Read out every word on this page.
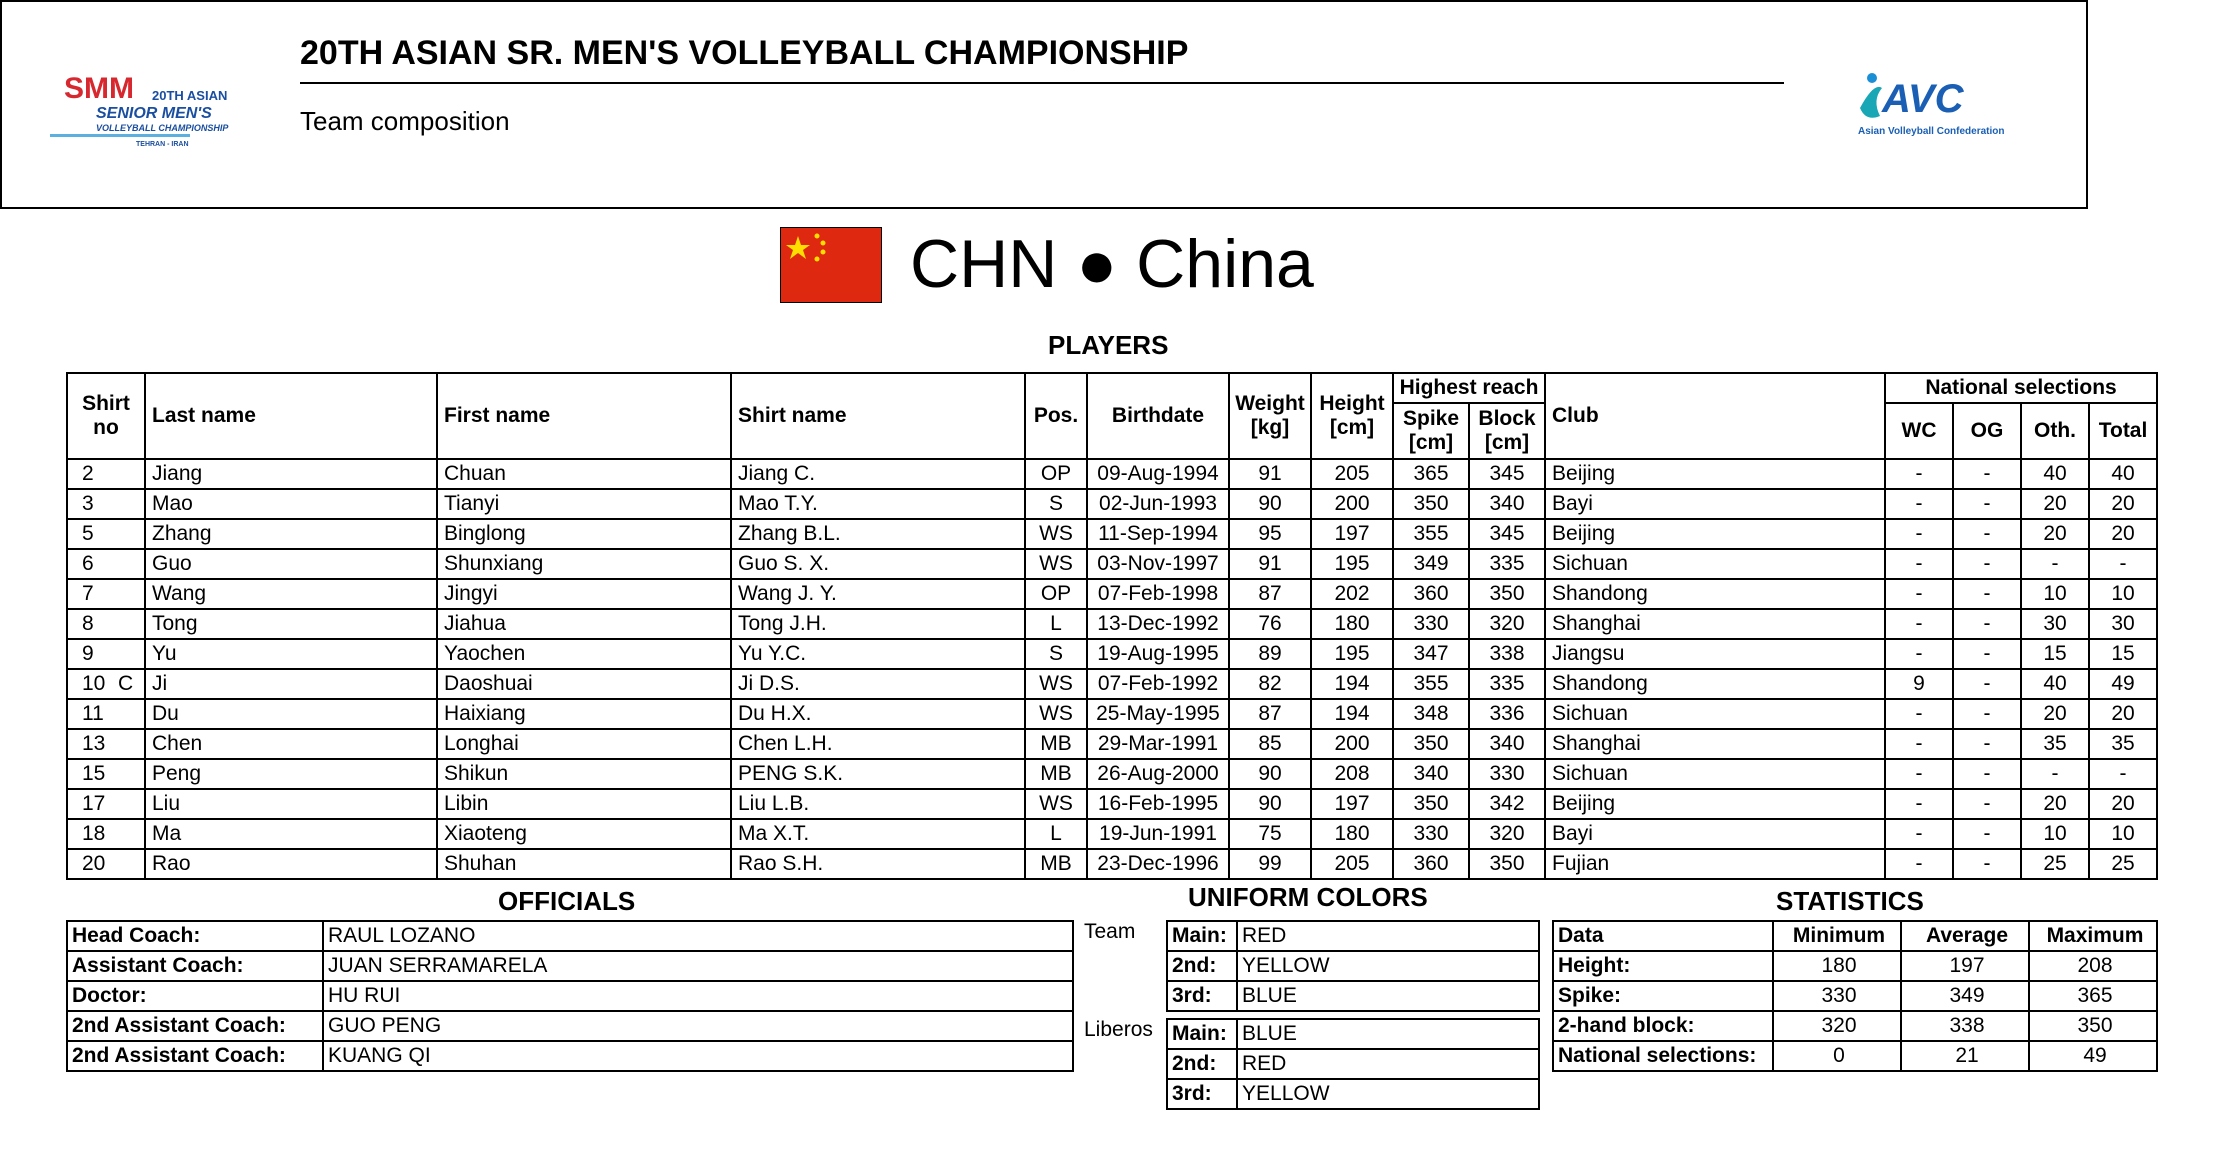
SMM 20TH ASIAN
SENIOR MEN'S
VOLLEYBALL CHAMPIONSHIP
TEHRAN - IRAN
20TH ASIAN SR. MEN'S VOLLEYBALL CHAMPIONSHIP
Team composition	AVC
Asian Volleyball Confederation
CHN ● China
PLAYERS
Shirt no	Last name	First name	Shirt name	Pos.	Birthdate	Weight [kg]	Height [cm]	Highest reach		Club	National selections			
								Spike [cm]	Block [cm]		WC	OG	Oth.	Total
2	Jiang	Chuan	Jiang C.	OP	09-Aug-1994	91	205	365	345	Beijing	-	-	40	40
3	Mao	Tianyi	Mao T.Y.	S	02-Jun-1993	90	200	350	340	Bayi	-	-	20	20
5	Zhang	Binglong	Zhang B.L.	WS	11-Sep-1994	95	197	355	345	Beijing	-	-	20	20
6	Guo	Shunxiang	Guo S. X.	WS	03-Nov-1997	91	195	349	335	Sichuan	-	-	-	-
7	Wang	Jingyi	Wang J. Y.	OP	07-Feb-1998	87	202	360	350	Shandong	-	-	10	10
8	Tong	Jiahua	Tong J.H.	L	13-Dec-1992	76	180	330	320	Shanghai	-	-	30	30
9	Yu	Yaochen	Yu Y.C.	S	19-Aug-1995	89	195	347	338	Jiangsu	-	-	15	15
10 C	Ji	Daoshuai	Ji D.S.	WS	07-Feb-1992	82	194	355	335	Shandong	9	-	40	49
11	Du	Haixiang	Du H.X.	WS	25-May-1995	87	194	348	336	Sichuan	-	-	20	20
13	Chen	Longhai	Chen L.H.	MB	29-Mar-1991	85	200	350	340	Shanghai	-	-	35	35
15	Peng	Shikun	PENG S.K.	MB	26-Aug-2000	90	208	340	330	Sichuan	-	-	-	-
17	Liu	Libin	Liu L.B.	WS	16-Feb-1995	90	197	350	342	Beijing	-	-	20	20
18	Ma	Xiaoteng	Ma X.T.	L	19-Jun-1991	75	180	330	320	Bayi	-	-	10	10
20	Rao	Shuhan	Rao S.H.	MB	23-Dec-1996	99	205	360	350	Fujian	-	-	25	25
OFFICIALS
Head Coach:	RAUL LOZANO
Assistant Coach:	JUAN SERRAMARELA
Doctor:	HU RUI
2nd Assistant Coach:	GUO PENG
2nd Assistant Coach:	KUANG QI
UNIFORM COLORS
Team
Liberos
Main:	RED
2nd:	YELLOW
3rd:	BLUE
Main:	BLUE
2nd:	RED
3rd:	YELLOW
STATISTICS
Data	Minimum	Average	Maximum
Height:	180	197	208
Spike:	330	349	365
2-hand block:	320	338	350
National selections:	0	21	49
